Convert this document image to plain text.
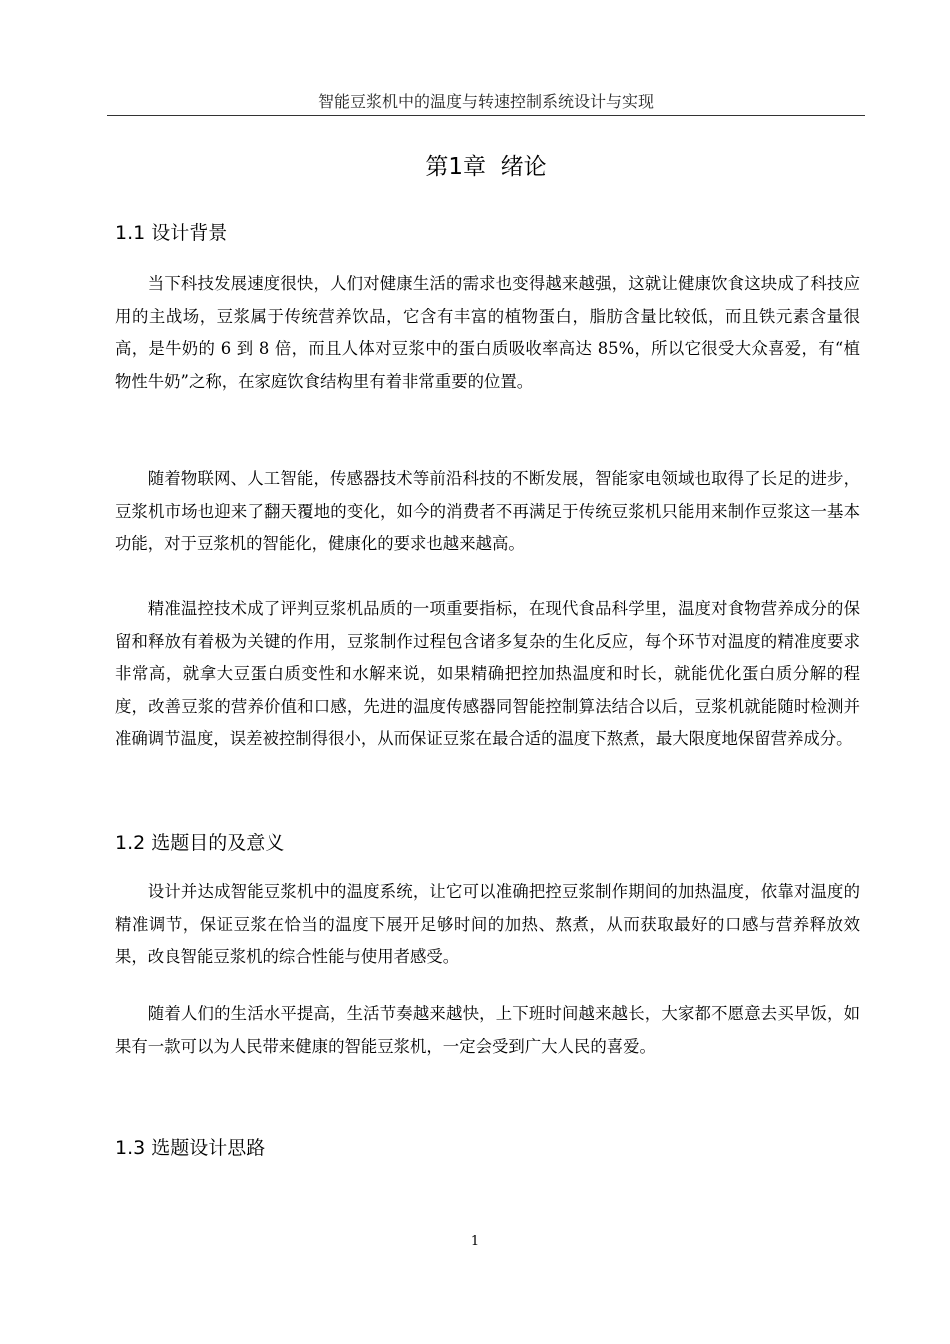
智能豆浆机中的温度与转速控制系统设计与实现
第1章  绪论
1.1 设计背景

当下科技发展速度很快，人们对健康生活的需求也变得越来越强，这就让健康饮食这块成了科技应用的主战场，豆浆属于传统营养饮品，它含有丰富的植物蛋白，脂肪含量比较低，而且铁元素含量很高，是牛奶的 6 到 8 倍，而且人体对豆浆中的蛋白质吸收率高达 85%，所以它很受大众喜爱，有“植物性牛奶”之称，在家庭饮食结构里有着非常重要的位置。

随着物联网、人工智能，传感器技术等前沿科技的不断发展，智能家电领域也取得了长足的进步，豆浆机市场也迎来了翻天覆地的变化，如今的消费者不再满足于传统豆浆机只能用来制作豆浆这一基本功能，对于豆浆机的智能化，健康化的要求也越来越高。

精准温控技术成了评判豆浆机品质的一项重要指标，在现代食品科学里，温度对食物营养成分的保留和释放有着极为关键的作用，豆浆制作过程包含诸多复杂的生化反应，每个环节对温度的精准度要求非常高，就拿大豆蛋白质变性和水解来说，如果精确把控加热温度和时长，就能优化蛋白质分解的程度，改善豆浆的营养价值和口感，先进的温度传感器同智能控制算法结合以后，豆浆机就能随时检测并准确调节温度，误差被控制得很小，从而保证豆浆在最合适的温度下熬煮，最大限度地保留营养成分。

1.2 选题目的及意义

设计并达成智能豆浆机中的温度系统，让它可以准确把控豆浆制作期间的加热温度，依靠对温度的精准调节，保证豆浆在恰当的温度下展开足够时间的加热、熬煮，从而获取最好的口感与营养释放效果，改良智能豆浆机的综合性能与使用者感受。

随着人们的生活水平提高，生活节奏越来越快，上下班时间越来越长，大家都不愿意去买早饭，如果有一款可以为人民带来健康的智能豆浆机，一定会受到广大人民的喜爱。

1.3 选题设计思路
1
